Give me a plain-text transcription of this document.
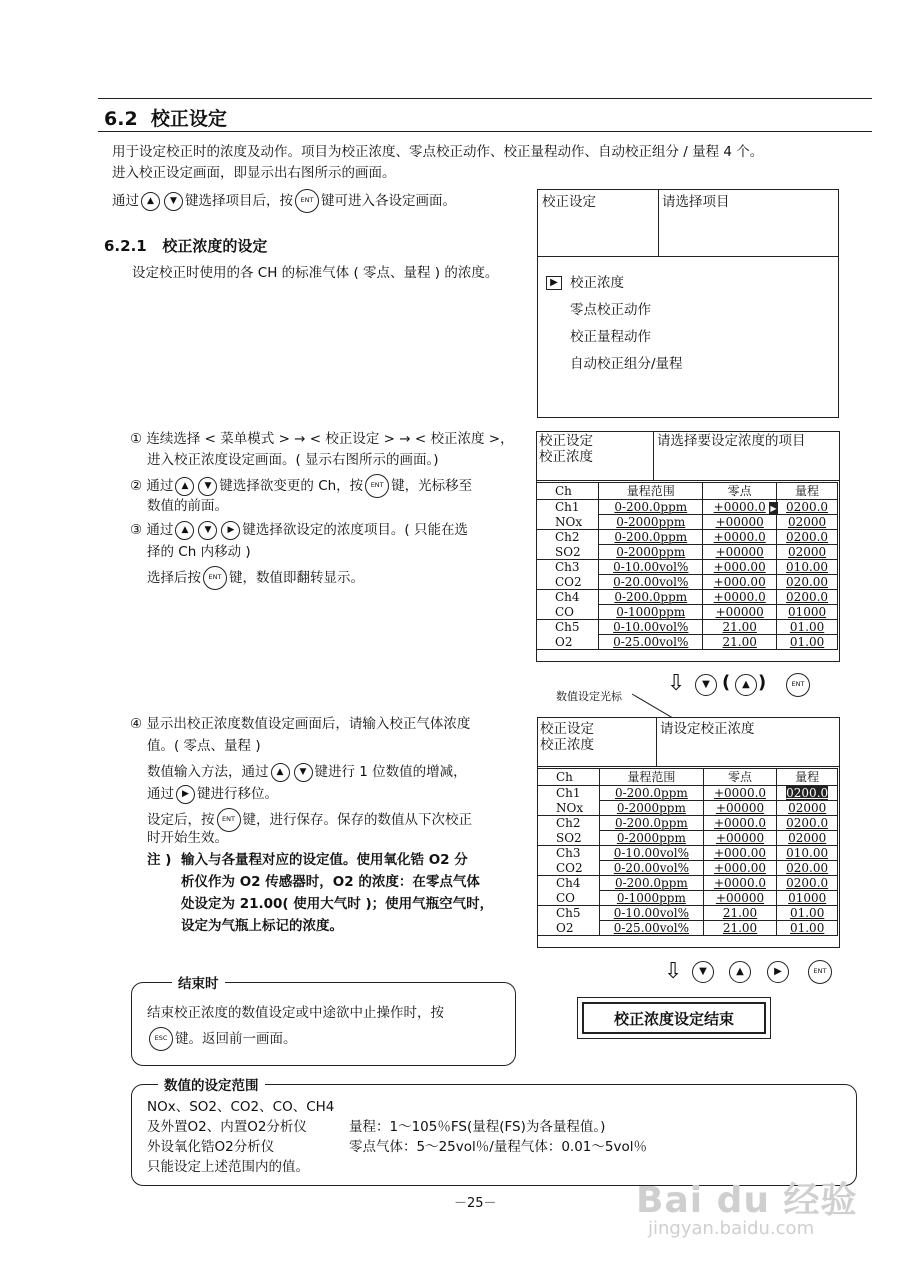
6.2 校正设定
用于设定校正时的浓度及动作。项目为校正浓度、零点校正动作、校正量程动作、自动校正组分 / 量程 4 个。
进入校正设定画面，即显示出右图所示的画面。
通过 ▲ ▼ 键选择项目后，按 ENT 键可进入各设定画面。	校正设定	请选择项目
▶ 校正浓度
零点校正动作
校正量程动作
自动校正组分/量程
6.2.1 校正浓度的设定
设定校正时使用的各 CH 的标准气体 ( 零点、量程 ) 的浓度。
① 连续选择 < 菜单模式 > → < 校正设定 > → < 校正浓度 >，
进入校正浓度设定画面。( 显示右图所示的画面。)
② 通过 ▲ ▼ 键选择欲变更的 Ch，按 ENT 键，光标移至
数值的前面。
③ 通过 ▲ ▼ ▶ 键选择欲设定的浓度项目。( 只能在选
择的 Ch 内移动 )
选择后按 ENT 键，数值即翻转显示。
校正设定
校正浓度
请选择要设定浓度的项目
Ch	量程范围	零点	量程
Ch1	0-200.0ppm	+0000.0	0200.0
NOx	0-2000ppm	+00000	02000
Ch2	0-200.0ppm	+0000.0	0200.0
SO2	0-2000ppm	+00000	02000
Ch3	0-10.00vol%	+000.00	010.00
CO2	0-20.00vol%	+000.00	020.00
Ch4	0-200.0ppm	+0000.0	0200.0
CO	0-1000ppm	+00000	01000
Ch5	0-10.00vol%	21.00	01.00
O2	0-25.00vol%	21.00	01.00
▶
⇩	▼ (	▲ )	ENT
数值设定光标
④ 显示出校正浓度数值设定画面后，请输入校正气体浓度
值。( 零点、量程 )
数值输入方法，通过 ▲ ▼ 键进行 1 位数值的增减，
通过 ▶ 键进行移位。
设定后，按 ENT 键，进行保存。保存的数值从下次校正
时开始生效。
注 ) 输入与各量程对应的设定值。使用氧化锆 O2 分
析仪作为 O2 传感器时，O2 的浓度：在零点气体
处设定为 21.00( 使用大气时 )；使用气瓶空气时，
设定为气瓶上标记的浓度。
校正设定
校正浓度
请设定校正浓度
Ch	量程范围	零点	量程
Ch1	0-200.0ppm	+0000.0	0200.0
NOx	0-2000ppm	+00000	02000
Ch2	0-200.0ppm	+0000.0	0200.0
SO2	0-2000ppm	+00000	02000
Ch3	0-10.00vol%	+000.00	010.00
CO2	0-20.00vol%	+000.00	020.00
Ch4	0-200.0ppm	+0000.0	0200.0
CO	0-1000ppm	+00000	01000
Ch5	0-10.00vol%	21.00	01.00
O2	0-25.00vol%	21.00	01.00
⇩	▼	▲	▶	ENT
结束时
结束校正浓度的数值设定或中途欲中止操作时，按
ESC 键。返回前一画面。
校正浓度设定结束
数值的设定范围
NOx、SO2、CO2、CO、CH4
及外置O2、内置O2分析仪	量程：1～105％FS(量程(FS)为各量程值。)
外设氧化锆O2分析仪	零点气体：5～25vol％/量程气体：0.01～5vol％
只能设定上述范围内的值。
－25－	Bai du 经验
jingyan.baidu.com
